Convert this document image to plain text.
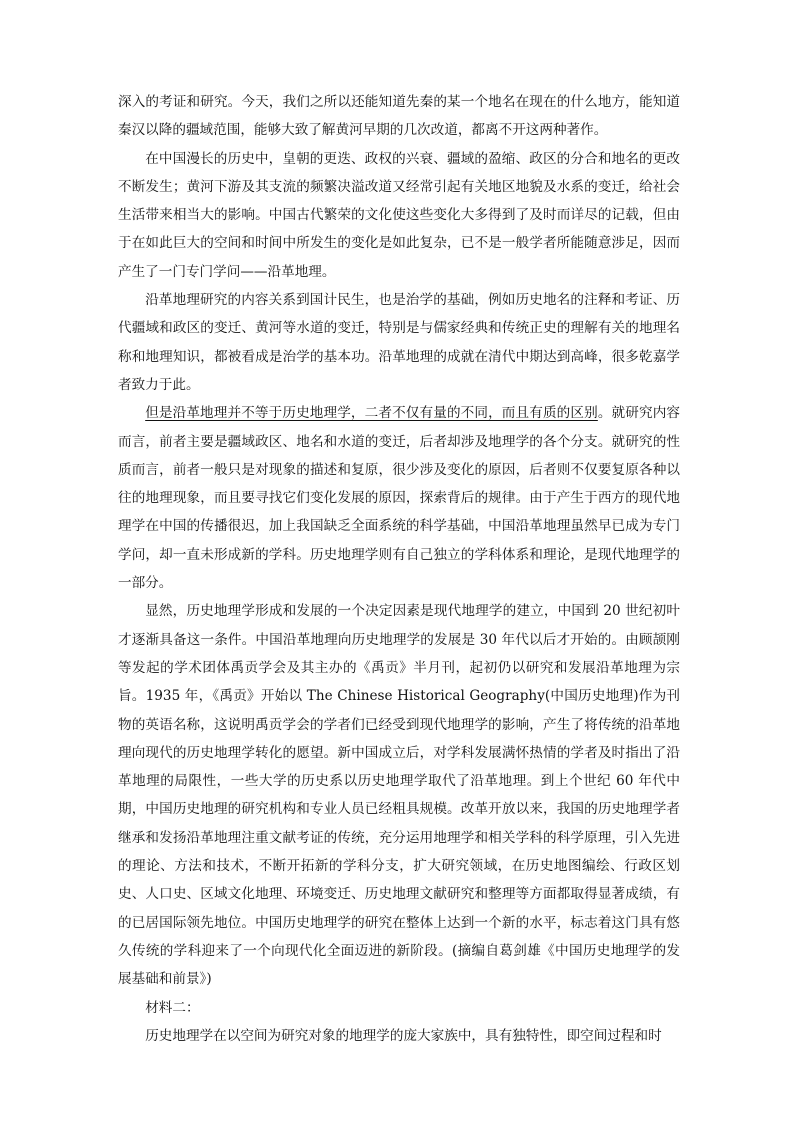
深入的考证和研究。今天，我们之所以还能知道先秦的某一个地名在现在的什么地方，能知道秦汉以降的疆域范围，能够大致了解黄河早期的几次改道，都离不开这两种著作。

在中国漫长的历史中，皇朝的更迭、政权的兴衰、疆域的盈缩、政区的分合和地名的更改不断发生；黄河下游及其支流的频繁决溢改道又经常引起有关地区地貌及水系的变迁，给社会生活带来相当大的影响。中国古代繁荣的文化使这些变化大多得到了及时而详尽的记载，但由于在如此巨大的空间和时间中所发生的变化是如此复杂，已不是一般学者所能随意涉足，因而产生了一门专门学问——沿革地理。

沿革地理研究的内容关系到国计民生，也是治学的基础，例如历史地名的注释和考证、历代疆域和政区的变迁、黄河等水道的变迁，特别是与儒家经典和传统正史的理解有关的地理名称和地理知识，都被看成是治学的基本功。沿革地理的成就在清代中期达到高峰，很多乾嘉学者致力于此。

但是沿革地理并不等于历史地理学，二者不仅有量的不同，而且有质的区别。就研究内容而言，前者主要是疆域政区、地名和水道的变迁，后者却涉及地理学的各个分支。就研究的性质而言，前者一般只是对现象的描述和复原，很少涉及变化的原因，后者则不仅要复原各种以往的地理现象，而且要寻找它们变化发展的原因，探索背后的规律。由于产生于西方的现代地理学在中国的传播很迟，加上我国缺乏全面系统的科学基础，中国沿革地理虽然早已成为专门学问，却一直未形成新的学科。历史地理学则有自己独立的学科体系和理论，是现代地理学的一部分。

显然，历史地理学形成和发展的一个决定因素是现代地理学的建立，中国到 20 世纪初叶才逐渐具备这一条件。中国沿革地理向历史地理学的发展是 30 年代以后才开始的。由顾颉刚等发起的学术团体禹贡学会及其主办的《禹贡》半月刊，起初仍以研究和发展沿革地理为宗旨。1935 年，《禹贡》开始以 The Chinese Historical Geography(中国历史地理)作为刊物的英语名称，这说明禹贡学会的学者们已经受到现代地理学的影响，产生了将传统的沿革地理向现代的历史地理学转化的愿望。新中国成立后，对学科发展满怀热情的学者及时指出了沿革地理的局限性，一些大学的历史系以历史地理学取代了沿革地理。到上个世纪 60 年代中期，中国历史地理的研究机构和专业人员已经粗具规模。改革开放以来，我国的历史地理学者继承和发扬沿革地理注重文献考证的传统，充分运用地理学和相关学科的科学原理，引入先进的理论、方法和技术，不断开拓新的学科分支，扩大研究领域，在历史地图编绘、行政区划史、人口史、区域文化地理、环境变迁、历史地理文献研究和整理等方面都取得显著成绩，有的已居国际领先地位。中国历史地理学的研究在整体上达到一个新的水平，标志着这门具有悠久传统的学科迎来了一个向现代化全面迈进的新阶段。(摘编自葛剑雄《中国历史地理学的发展基础和前景》)

材料二：

历史地理学在以空间为研究对象的地理学的庞大家族中，具有独特性，即空间过程和时
